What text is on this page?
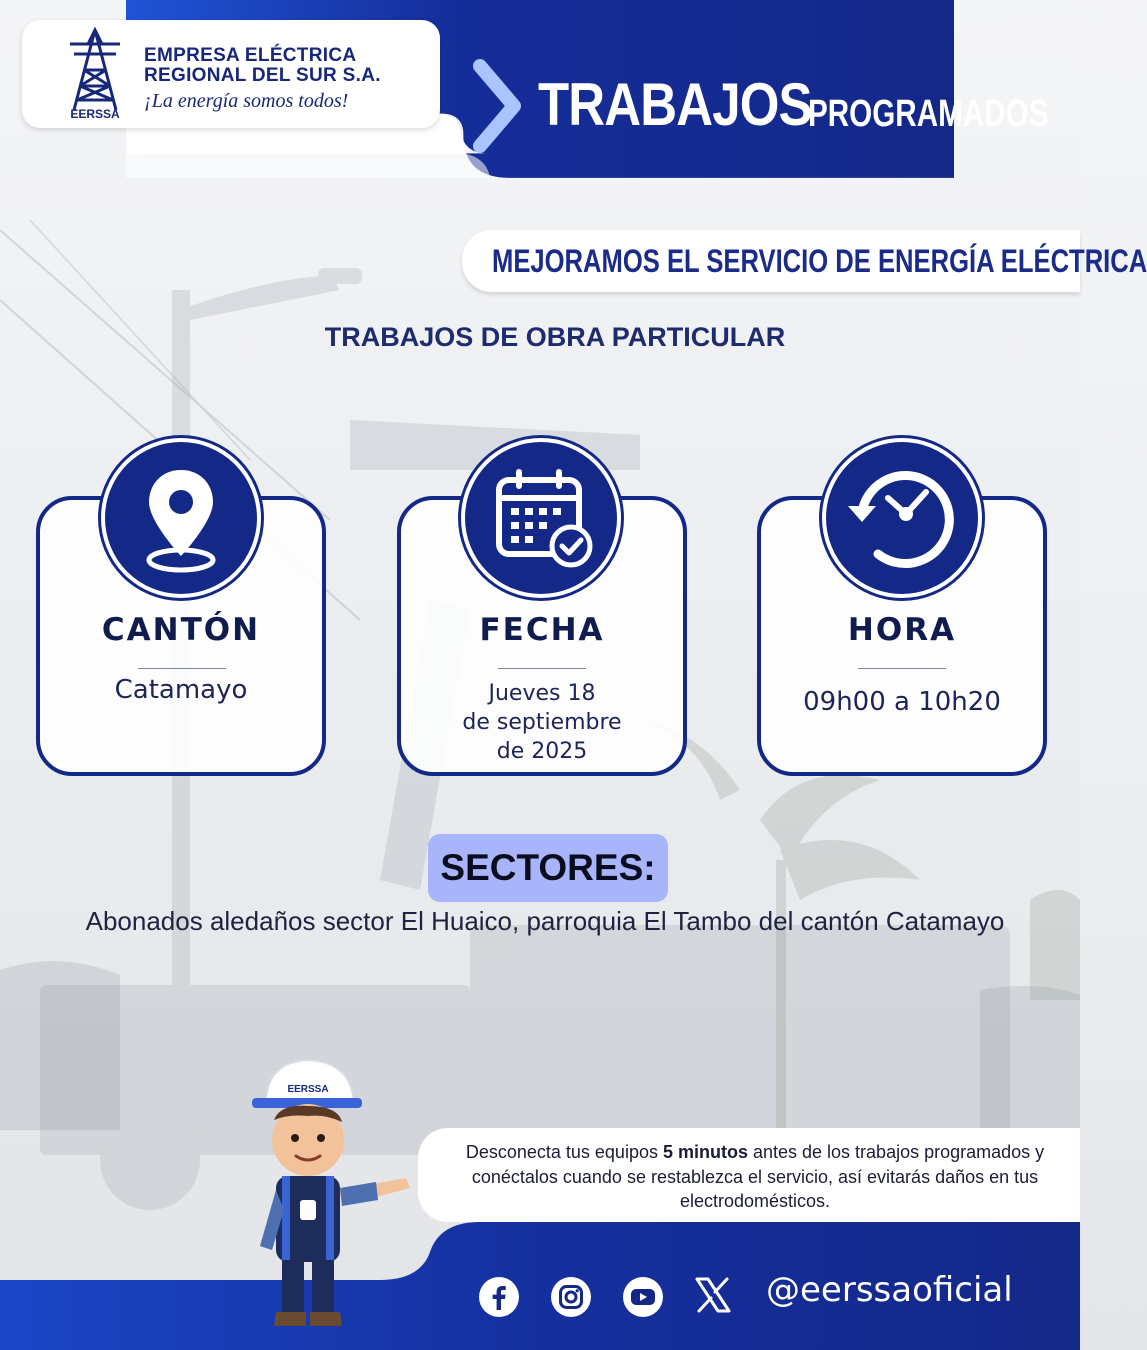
EERSSA
EMPRESA ELÉCTRICA
REGIONAL DEL SUR S.A.
¡La energía somos todos!	TRABAJOS
PROGRAMADOS
MEJORAMOS EL SERVICIO DE ENERGÍA ELÉCTRICA
TRABAJOS DE OBRA PARTICULAR
CANTÓN	FECHA	HORA
Catamayo	Jueves 18
de septiembre
de 2025
09h00 a 10h20
SECTORES:
Abonados aledaños sector El Huaico, parroquia El Tambo del cantón Catamayo
Desconecta tus equipos 5 minutos antes de los trabajos programados y conéctalos cuando se restablezca el servicio, así evitarás daños en tus electrodomésticos.
@eerssaoficial
EERSSA
